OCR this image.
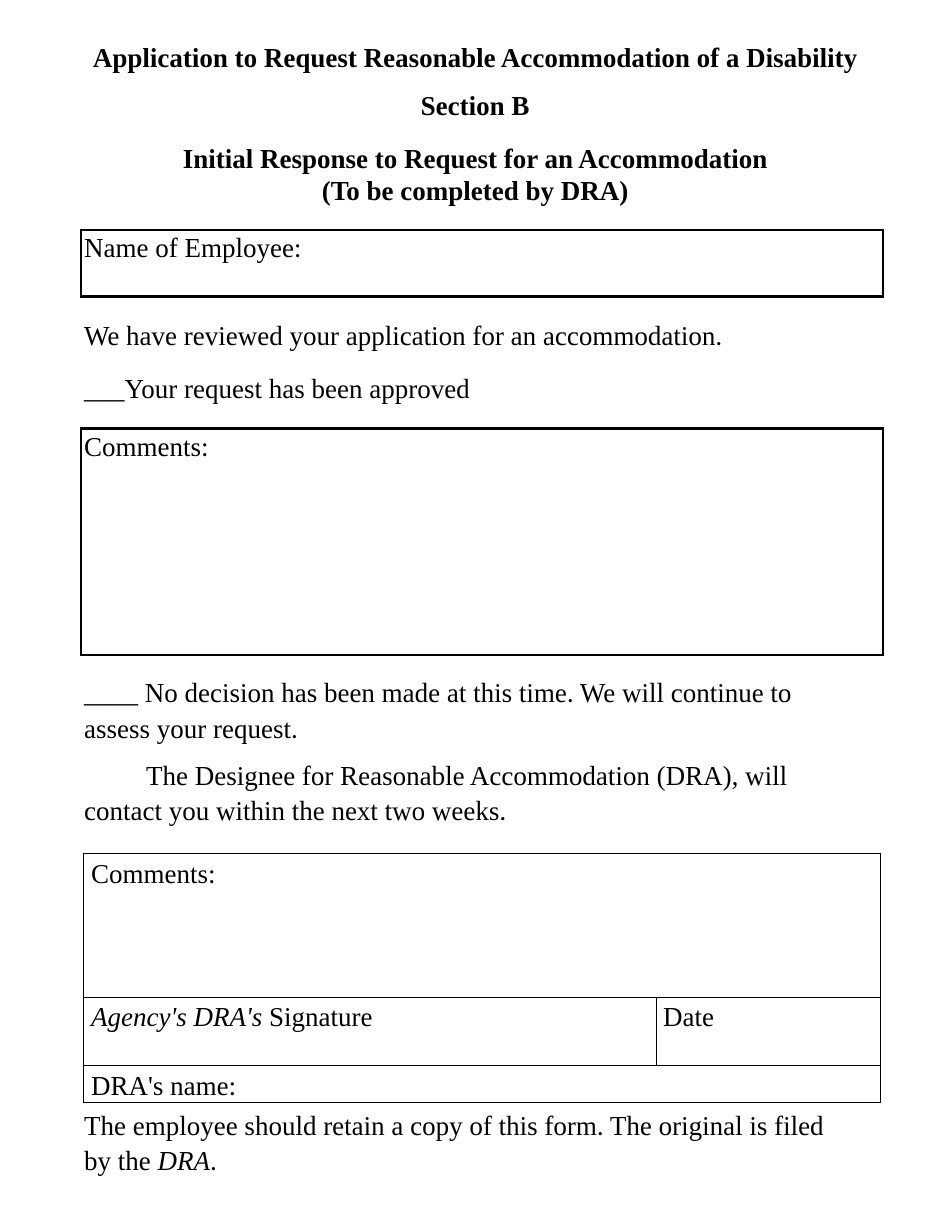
Application to Request Reasonable Accommodation of a Disability
Section B
Initial Response to Request for an Accommodation
(To be completed by DRA)
Name of Employee:
We have reviewed your application for an accommodation.
___Your request has been approved
Comments:
____ No decision has been made at this time. We will continue to
assess your request.
The Designee for Reasonable Accommodation (DRA), will
contact you within the next two weeks.
Comments:
Agency's DRA's Signature	Date
DRA's name:
The employee should retain a copy of this form. The original is filed
by the DRA.
